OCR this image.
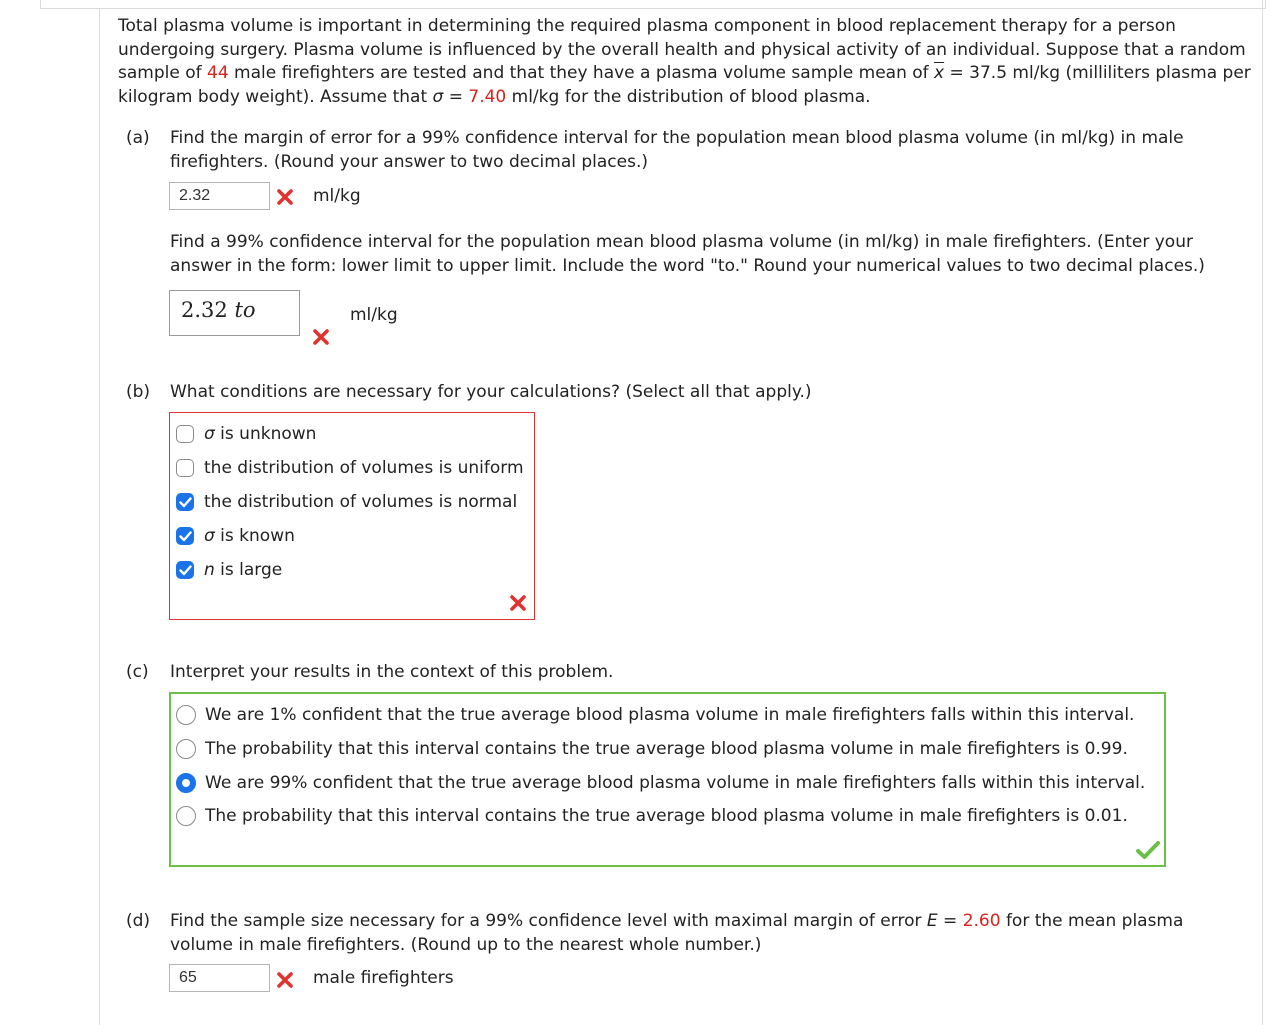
Total plasma volume is important in determining the required plasma component in blood replacement therapy for a person undergoing surgery. Plasma volume is influenced by the overall health and physical activity of an individual. Suppose that a random sample of 44 male firefighters are tested and that they have a plasma volume sample mean of $\overline{x} = 37.5$ ml/kg (milliliters plasma per kilogram body weight). Assume that σ = 7.40 ml/kg for the distribution of blood plasma.
(a) Find the margin of error for a 99% confidence interval for the population mean blood plasma volume (in ml/kg) in male firefighters. (Round your answer to two decimal places.)
2.32	ml/kg
Find a 99% confidence interval for the population mean blood plasma volume (in ml/kg) in male firefighters. (Enter your answer in the form: lower limit to upper limit. Include the word "to." Round your numerical values to two decimal places.)
2.32 to	ml/kg
(b) What conditions are necessary for your calculations? (Select all that apply.)
σ is unknown
the distribution of volumes is uniform
the distribution of volumes is normal
σ is known
n is large
(c) Interpret your results in the context of this problem.
We are 1% confident that the true average blood plasma volume in male firefighters falls within this interval.
The probability that this interval contains the true average blood plasma volume in male firefighters is 0.99.
We are 99% confident that the true average blood plasma volume in male firefighters falls within this interval.
The probability that this interval contains the true average blood plasma volume in male firefighters is 0.01.
(d) Find the sample size necessary for a 99% confidence level with maximal margin of error E = 2.60 for the mean plasma volume in male firefighters. (Round up to the nearest whole number.)
65	male firefighters
